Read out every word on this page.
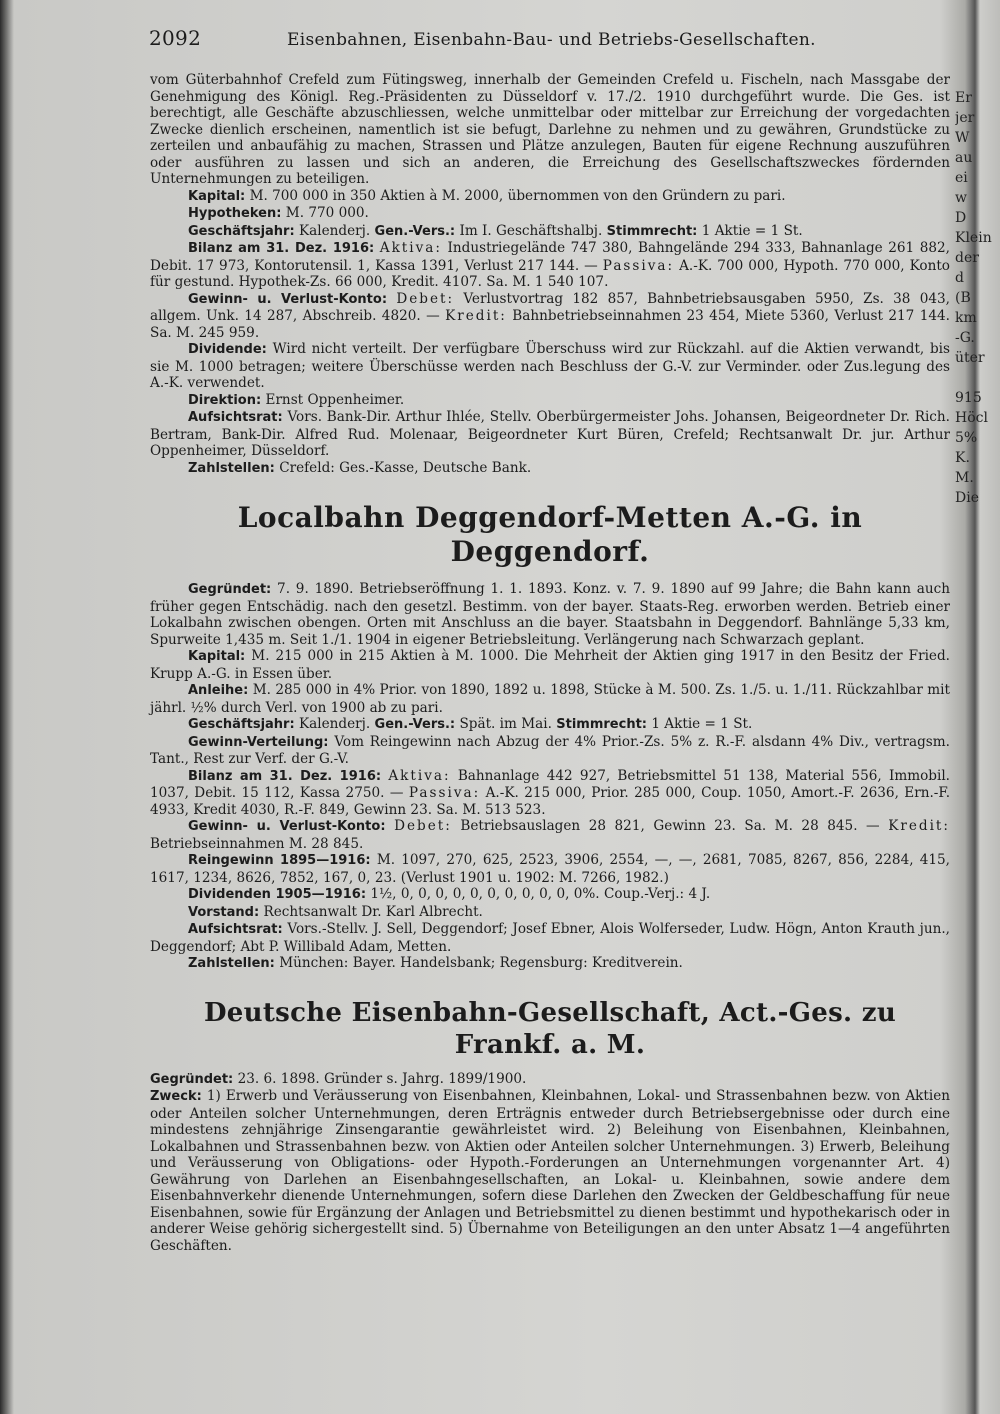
2092	Eisenbahnen, Eisenbahn-Bau- und Betriebs-Gesellschaften.

vom Güterbahnhof Crefeld zum Fütingsweg, innerhalb der Gemeinden Crefeld u. Fischeln, nach Massgabe der Genehmigung des Königl. Reg.-Präsidenten zu Düsseldorf v. 17./2. 1910 durchgeführt wurde. Die Ges. ist berechtigt, alle Geschäfte abzuschliessen, welche unmittelbar oder mittelbar zur Erreichung der vorgedachten Zwecke dienlich erscheinen, namentlich ist sie befugt, Darlehne zu nehmen und zu gewähren, Grundstücke zu zerteilen und anbaufähig zu machen, Strassen und Plätze anzulegen, Bauten für eigene Rechnung auszuführen oder ausführen zu lassen und sich an anderen, die Erreichung des Gesellschaftszweckes fördernden Unternehmungen zu beteiligen.

Kapital: M. 700 000 in 350 Aktien à M. 2000, übernommen von den Gründern zu pari.

Hypotheken: M. 770 000.

Geschäftsjahr: Kalenderj. Gen.-Vers.: Im I. Geschäftshalbj. Stimmrecht: 1 Aktie = 1 St.

Bilanz am 31. Dez. 1916: Aktiva: Industriegelände 747 380, Bahngelände 294 333, Bahnanlage 261 882, Debit. 17 973, Kontorutensil. 1, Kassa 1391, Verlust 217 144. — Passiva: A.-K. 700 000, Hypoth. 770 000, Konto für gestund. Hypothek-Zs. 66 000, Kredit. 4107. Sa. M. 1 540 107.

Gewinn- u. Verlust-Konto: Debet: Verlustvortrag 182 857, Bahnbetriebsausgaben 5950, Zs. 38 043, allgem. Unk. 14 287, Abschreib. 4820. — Kredit: Bahnbetriebseinnahmen 23 454, Miete 5360, Verlust 217 144. Sa. M. 245 959.

Dividende: Wird nicht verteilt. Der verfügbare Überschuss wird zur Rückzahl. auf die Aktien verwandt, bis sie M. 1000 betragen; weitere Überschüsse werden nach Beschluss der G.-V. zur Verminder. oder Zus.legung des A.-K. verwendet.

Direktion: Ernst Oppenheimer.

Aufsichtsrat: Vors. Bank-Dir. Arthur Ihlée, Stellv. Oberbürgermeister Johs. Johansen, Beigeordneter Dr. Rich. Bertram, Bank-Dir. Alfred Rud. Molenaar, Beigeordneter Kurt Büren, Crefeld; Rechtsanwalt Dr. jur. Arthur Oppenheimer, Düsseldorf.

Zahlstellen: Crefeld: Ges.-Kasse, Deutsche Bank.

Localbahn Deggendorf-Metten A.-G. in Deggendorf.

Gegründet: 7. 9. 1890. Betriebseröffnung 1. 1. 1893. Konz. v. 7. 9. 1890 auf 99 Jahre; die Bahn kann auch früher gegen Entschädig. nach den gesetzl. Bestimm. von der bayer. Staats-Reg. erworben werden. Betrieb einer Lokalbahn zwischen obengen. Orten mit Anschluss an die bayer. Staatsbahn in Deggendorf. Bahnlänge 5,33 km, Spurweite 1,435 m. Seit 1./1. 1904 in eigener Betriebsleitung. Verlängerung nach Schwarzach geplant.

Kapital: M. 215 000 in 215 Aktien à M. 1000. Die Mehrheit der Aktien ging 1917 in den Besitz der Fried. Krupp A.-G. in Essen über.

Anleihe: M. 285 000 in 4% Prior. von 1890, 1892 u. 1898, Stücke à M. 500. Zs. 1./5. u. 1./11. Rückzahlbar mit jährl. ½% durch Verl. von 1900 ab zu pari.

Geschäftsjahr: Kalenderj. Gen.-Vers.: Spät. im Mai. Stimmrecht: 1 Aktie = 1 St.

Gewinn-Verteilung: Vom Reingewinn nach Abzug der 4% Prior.-Zs. 5% z. R.-F. alsdann 4% Div., vertragsm. Tant., Rest zur Verf. der G.-V.

Bilanz am 31. Dez. 1916: Aktiva: Bahnanlage 442 927, Betriebsmittel 51 138, Material 556, Immobil. 1037, Debit. 15 112, Kassa 2750. — Passiva: A.-K. 215 000, Prior. 285 000, Coup. 1050, Amort.-F. 2636, Ern.-F. 4933, Kredit 4030, R.-F. 849, Gewinn 23. Sa. M. 513 523.

Gewinn- u. Verlust-Konto: Debet: Betriebsauslagen 28 821, Gewinn 23. Sa. M. 28 845. — Kredit: Betriebseinnahmen M. 28 845.

Reingewinn 1895—1916: M. 1097, 270, 625, 2523, 3906, 2554, —, —, 2681, 7085, 8267, 856, 2284, 415, 1617, 1234, 8626, 7852, 167, 0, 23. (Verlust 1901 u. 1902: M. 7266, 1982.)

Dividenden 1905—1916: 1½, 0, 0, 0, 0, 0, 0, 0, 0, 0, 0, 0%. Coup.-Verj.: 4 J.

Vorstand: Rechtsanwalt Dr. Karl Albrecht.

Aufsichtsrat: Vors.-Stellv. J. Sell, Deggendorf; Josef Ebner, Alois Wolferseder, Ludw. Högn, Anton Krauth jun., Deggendorf; Abt P. Willibald Adam, Metten.

Zahlstellen: München: Bayer. Handelsbank; Regensburg: Kreditverein.

Deutsche Eisenbahn-Gesellschaft, Act.-Ges. zu Frankf. a. M.

Gegründet: 23. 6. 1898. Gründer s. Jahrg. 1899/1900.

Zweck: 1) Erwerb und Veräusserung von Eisenbahnen, Kleinbahnen, Lokal- und Strassenbahnen bezw. von Aktien oder Anteilen solcher Unternehmungen, deren Erträgnis entweder durch Betriebsergebnisse oder durch eine mindestens zehnjährige Zinsengarantie gewährleistet wird. 2) Beleihung von Eisenbahnen, Kleinbahnen, Lokalbahnen und Strassenbahnen bezw. von Aktien oder Anteilen solcher Unternehmungen. 3) Erwerb, Beleihung und Veräusserung von Obligations- oder Hypoth.-Forderungen an Unternehmungen vorgenannter Art. 4) Gewährung von Darlehen an Eisenbahngesellschaften, an Lokal- u. Kleinbahnen, sowie andere dem Eisenbahnverkehr dienende Unternehmungen, sofern diese Darlehen den Zwecken der Geldbeschaffung für neue Eisenbahnen, sowie für Ergänzung der Anlagen und Betriebsmittel zu dienen bestimmt und hypothekarisch oder in anderer Weise gehörig sichergestellt sind. 5) Übernahme von Beteiligungen an den unter Absatz 1—4 angeführten Geschäften.

Er
jer
W
au
ei
w
D
Klein
der
d
(B
km
-G.
üter
915
Höcl
5%
K.
M.
Die
